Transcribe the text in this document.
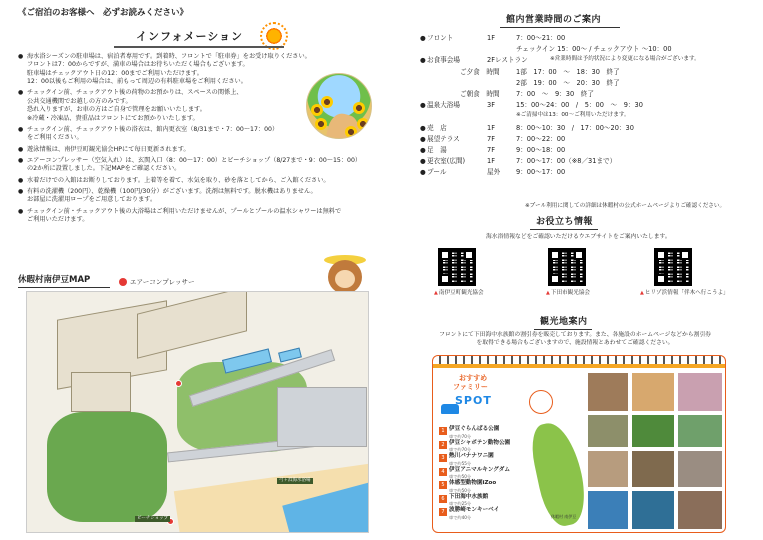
《ご宿泊のお客様へ　必ずお読みください》
インフォメーション
● 海水浴シーズンの駐車場は、宿泊者専用です。到着時、フロントで「駐車券」をお受け取りください。
フロントは7：00からですが、満車の場合はお待ちいただく場合もございます。
駐車場はチェックアウト日の12：00までご利用いただけます。
12：00以後もご利用の場合は、前もって周辺の有料駐車場をご利用ください。
● チェックイン前、チェックアウト後の荷物のお預かりは、スペースの関係上、
公共交通機関でお越しの方のみです。
恐れ入りますが、お車の方はご自身で管理をお願いいたします。
※冷蔵・冷凍品、貴重品はフロントにてお預かりいたします。
● チェックイン前、チェックアウト後の浴衣は、館内更衣室（8/31まで・7：00～17：00）
をご利用ください。
● 遊泳情報は、南伊豆町観光協会HPにて毎日更新されます。
● エアーコンプレッサー（空気入れ）は、玄関入口（8：00～17：00）とビーチショップ（8/27まで・9：00～15：00）
の2か所に設置しました。下記MAPをご確認ください。
● 水着だけでの入館はお断りしております。上着等を着て、水気を取り、砂を落としてから、ご入館ください。
● 有料の洗濯機（200円）、乾燥機（100円/30分）がございます。洗剤は無料です。脱水機はありません。
お部屋に洗濯用ロープをご用意しております。
● チェックイン前・チェックアウト後の大浴場はご利用いただけませんが、プールとプールの温水シャワーは無料で
ご利用いただけます。
休暇村南伊豆MAP	エアーコンプレッサー
ビーチショップ
弓ヶ浜海水浴場
館内営業時間のご案内
● フロント	1F	7：00～21：00
チェックイン 15：00～ / チェックアウト ～10：00
● お食事会場	2Fレストラン	※営業時間は予約状況により変更になる場合がございます。
ご夕食　時間 1部　17：00　～　18：30　終了
2部　19：00　～　20：30　終了
ご朝食　時間 7：00　～　9：30　終了
● 温泉大浴場	3F	15：00～24：00　/　5：00　～　9：30
※ご清掃中は13：00～ご利用いただけます。
● 売　店	1F	8：00～10：30　/　17：00～20：30
● 展望テラス	7F	7：00～22：00
● 足　湯	7F	9：00～18：00
● 更衣室(広間)	1F	7：00～17：00（※8／31まで）
● プール	屋外 9：00～17：00
※プール利用に関しての詳細は休暇村の公式ホームページよりご確認ください。
お役立ち情報
海水浴情報などをご確認いただけるウエブサイトをご案内いたします。
▲ 南伊豆町観光協会	▲ 下田市観光協会	▲ ヒリゾ浜情報「伴木へ行こうよ」
観光地案内
フロントにて下田海中水族館の割引券を販売しております。また、各施設のホームページなどから割引券
を取得できる場合もございますので、施設情報とあわせてご確認ください。
おすすめ
ファミリー
SPOT
1 伊豆ぐらんぱる公園
車で約70分
2 伊豆シャボテン動物公園
車で約70分
3 熱川バナナワニ園
車で約55分
4 伊豆アニマルキングダム
車で約50分
5 体感型動物園iZoo
車で約50分
6 下田海中水族館
車で約25分
7 波勝崎モンキーベイ
車で約40分	休暇村 南伊豆
